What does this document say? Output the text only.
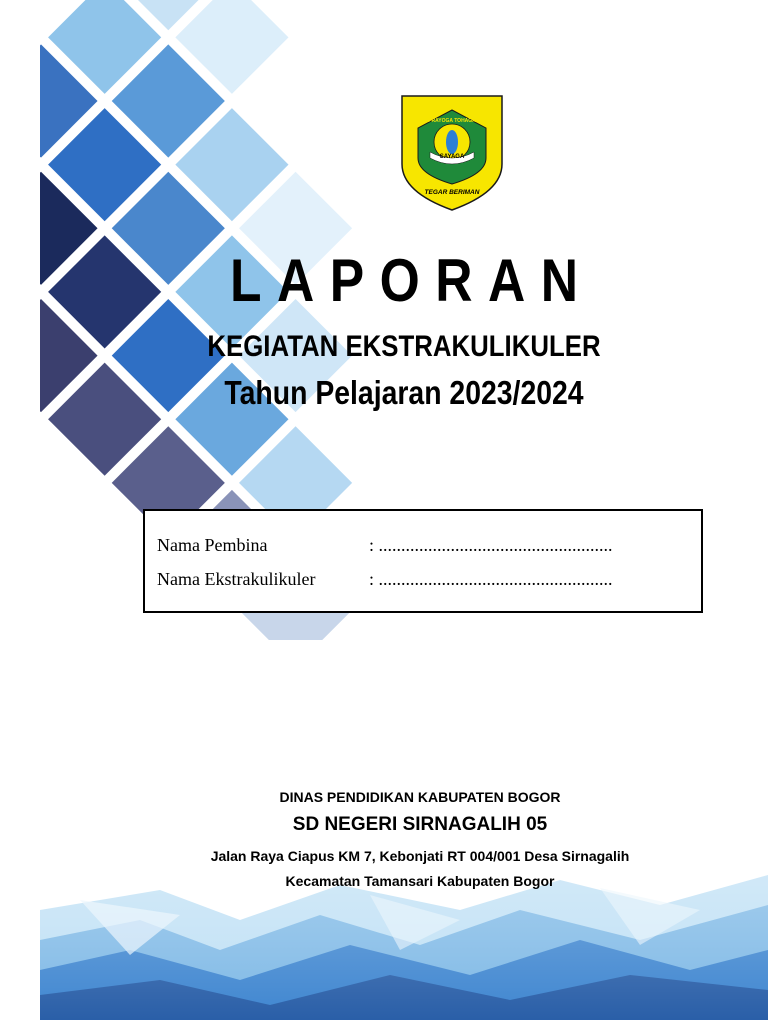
SAYAGA
PRAYOGA TOHAGA
TEGAR BERIMAN
LAPORAN
KEGIATAN EKSTRAKULIKULER
Tahun Pelajaran 2023/2024
Nama Pembina	: ....................................................
Nama Ekstrakulikuler	: ....................................................
DINAS PENDIDIKAN KABUPATEN BOGOR
SD NEGERI SIRNAGALIH 05
Jalan Raya Ciapus KM 7, Kebonjati RT 004/001 Desa Sirnagalih
Kecamatan Tamansari Kabupaten Bogor
